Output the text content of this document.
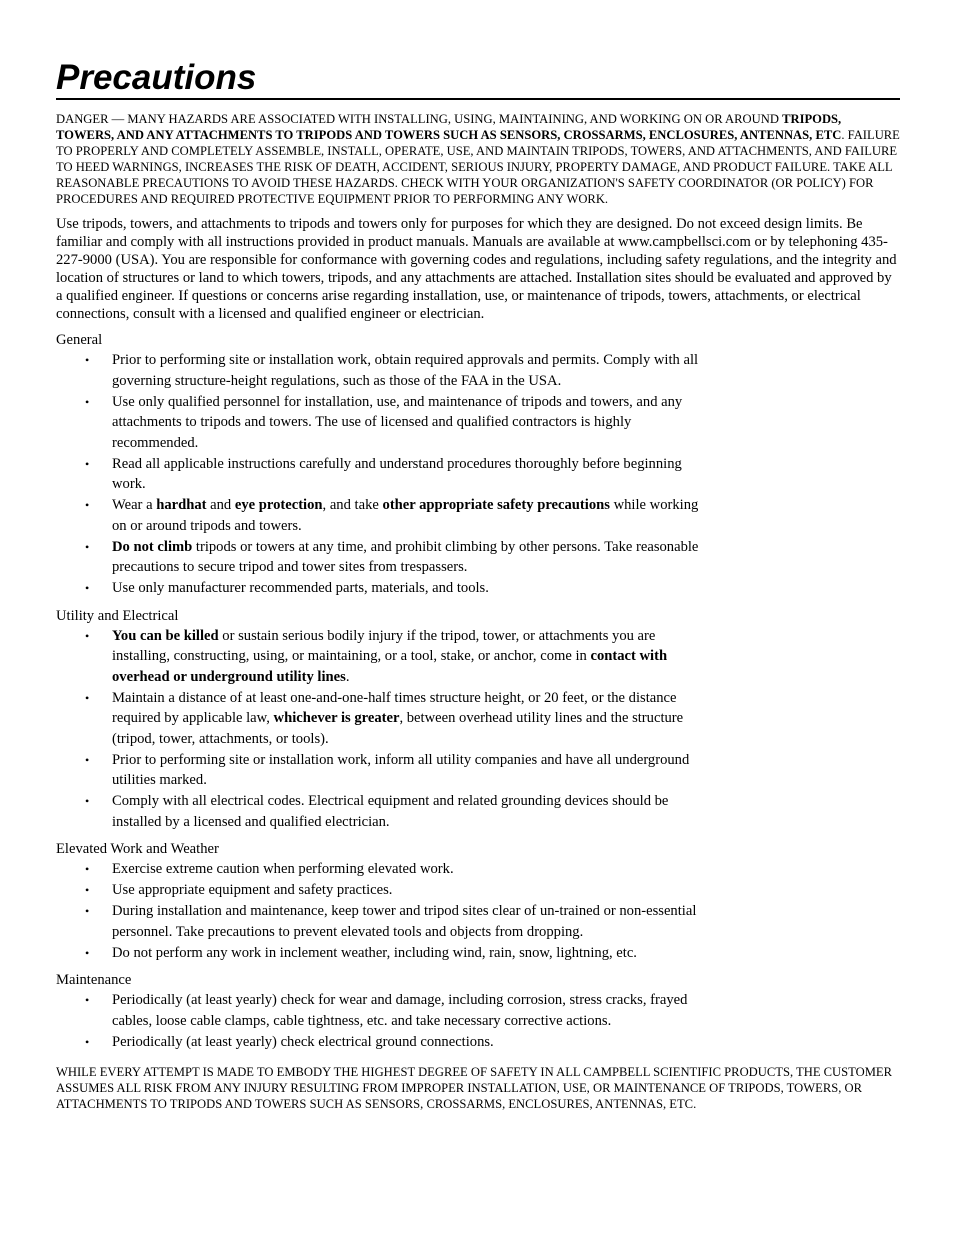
Precautions

DANGER — MANY HAZARDS ARE ASSOCIATED WITH INSTALLING, USING, MAINTAINING, AND WORKING ON OR AROUND TRIPODS, TOWERS, AND ANY ATTACHMENTS TO TRIPODS AND TOWERS SUCH AS SENSORS, CROSSARMS, ENCLOSURES, ANTENNAS, ETC. FAILURE TO PROPERLY AND COMPLETELY ASSEMBLE, INSTALL, OPERATE, USE, AND MAINTAIN TRIPODS, TOWERS, AND ATTACHMENTS, AND FAILURE TO HEED WARNINGS, INCREASES THE RISK OF DEATH, ACCIDENT, SERIOUS INJURY, PROPERTY DAMAGE, AND PRODUCT FAILURE. TAKE ALL REASONABLE PRECAUTIONS TO AVOID THESE HAZARDS. CHECK WITH YOUR ORGANIZATION'S SAFETY COORDINATOR (OR POLICY) FOR PROCEDURES AND REQUIRED PROTECTIVE EQUIPMENT PRIOR TO PERFORMING ANY WORK.

Use tripods, towers, and attachments to tripods and towers only for purposes for which they are designed. Do not exceed design limits. Be familiar and comply with all instructions provided in product manuals. Manuals are available at www.campbellsci.com or by telephoning 435-227-9000 (USA). You are responsible for conformance with governing codes and regulations, including safety regulations, and the integrity and location of structures or land to which towers, tripods, and any attachments are attached. Installation sites should be evaluated and approved by a qualified engineer. If questions or concerns arise regarding installation, use, or maintenance of tripods, towers, attachments, or electrical connections, consult with a licensed and qualified engineer or electrician.

General

• Prior to performing site or installation work, obtain required approvals and permits. Comply with all governing structure-height regulations, such as those of the FAA in the USA.
• Use only qualified personnel for installation, use, and maintenance of tripods and towers, and any attachments to tripods and towers. The use of licensed and qualified contractors is highly recommended.
• Read all applicable instructions carefully and understand procedures thoroughly before beginning work.
• Wear a hardhat and eye protection, and take other appropriate safety precautions while working on or around tripods and towers.
• Do not climb tripods or towers at any time, and prohibit climbing by other persons. Take reasonable precautions to secure tripod and tower sites from trespassers.
• Use only manufacturer recommended parts, materials, and tools.

Utility and Electrical

• You can be killed or sustain serious bodily injury if the tripod, tower, or attachments you are installing, constructing, using, or maintaining, or a tool, stake, or anchor, come in contact with overhead or underground utility lines.
• Maintain a distance of at least one-and-one-half times structure height, or 20 feet, or the distance required by applicable law, whichever is greater, between overhead utility lines and the structure (tripod, tower, attachments, or tools).
• Prior to performing site or installation work, inform all utility companies and have all underground utilities marked.
• Comply with all electrical codes. Electrical equipment and related grounding devices should be installed by a licensed and qualified electrician.

Elevated Work and Weather

• Exercise extreme caution when performing elevated work.
• Use appropriate equipment and safety practices.
• During installation and maintenance, keep tower and tripod sites clear of un-trained or non-essential personnel. Take precautions to prevent elevated tools and objects from dropping.
• Do not perform any work in inclement weather, including wind, rain, snow, lightning, etc.

Maintenance

• Periodically (at least yearly) check for wear and damage, including corrosion, stress cracks, frayed cables, loose cable clamps, cable tightness, etc. and take necessary corrective actions.
• Periodically (at least yearly) check electrical ground connections.

WHILE EVERY ATTEMPT IS MADE TO EMBODY THE HIGHEST DEGREE OF SAFETY IN ALL CAMPBELL SCIENTIFIC PRODUCTS, THE CUSTOMER ASSUMES ALL RISK FROM ANY INJURY RESULTING FROM IMPROPER INSTALLATION, USE, OR MAINTENANCE OF TRIPODS, TOWERS, OR ATTACHMENTS TO TRIPODS AND TOWERS SUCH AS SENSORS, CROSSARMS, ENCLOSURES, ANTENNAS, ETC.
